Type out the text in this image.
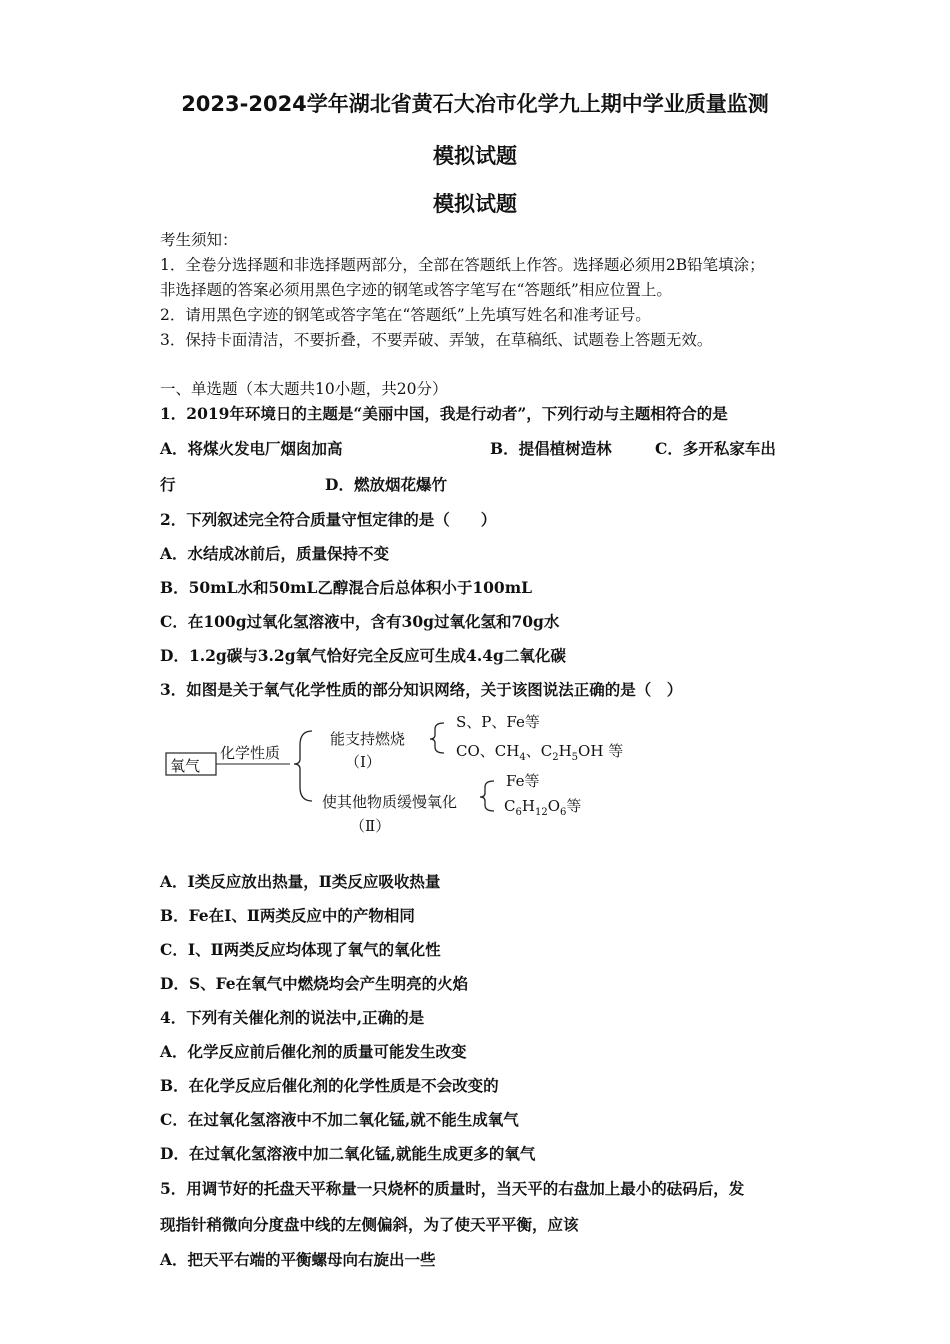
2023-2024学年湖北省黄石大冶市化学九上期中学业质量监测
模拟试题
模拟试题
考生须知：
1．全卷分选择题和非选择题两部分，全部在答题纸上作答。选择题必须用2B铅笔填涂；
非选择题的答案必须用黑色字迹的钢笔或答字笔写在“答题纸”相应位置上。
2．请用黑色字迹的钢笔或答字笔在“答题纸”上先填写姓名和准考证号。
3．保持卡面清洁，不要折叠，不要弄破、弄皱，在草稿纸、试题卷上答题无效。
一、单选题（本大题共10小题，共20分）
1．2019年环境日的主题是“美丽中国，我是行动者”，下列行动与主题相符合的是
A．将煤火发电厂烟囱加高	B．提倡植树造林	C．多开私家车出
行	D．燃放烟花爆竹
2．下列叙述完全符合质量守恒定律的是（　　）
A．水结成冰前后，质量保持不变
B．50mL水和50mL乙醇混合后总体积小于100mL
C．在100g过氧化氢溶液中，含有30g过氧化氢和70g水
D．1.2g碳与3.2g氧气恰好完全反应可生成4.4g二氧化碳
3．如图是关于氧气化学性质的部分知识网络，关于该图说法正确的是（　）
氧气
化学性质
能支持燃烧
（Ⅰ）
S、P、Fe等
CO、$CH_4$、$C_2H_5OH$ 等
使其他物质缓慢氧化
（Ⅱ）
Fe等
$C_6H_{12}O_6$等
A．Ⅰ类反应放出热量，Ⅱ类反应吸收热量
B．Fe在Ⅰ、Ⅱ两类反应中的产物相同
C．Ⅰ、Ⅱ两类反应均体现了氧气的氧化性
D．S、Fe在氧气中燃烧均会产生明亮的火焰
4．下列有关催化剂的说法中,正确的是
A．化学反应前后催化剂的质量可能发生改变
B．在化学反应后催化剂的化学性质是不会改变的
C．在过氧化氢溶液中不加二氧化锰,就不能生成氧气
D．在过氧化氢溶液中加二氧化锰,就能生成更多的氧气
5．用调节好的托盘天平称量一只烧杯的质量时，当天平的右盘加上最小的砝码后，发
现指针稍微向分度盘中线的左侧偏斜，为了使天平平衡，应该
A．把天平右端的平衡螺母向右旋出一些
